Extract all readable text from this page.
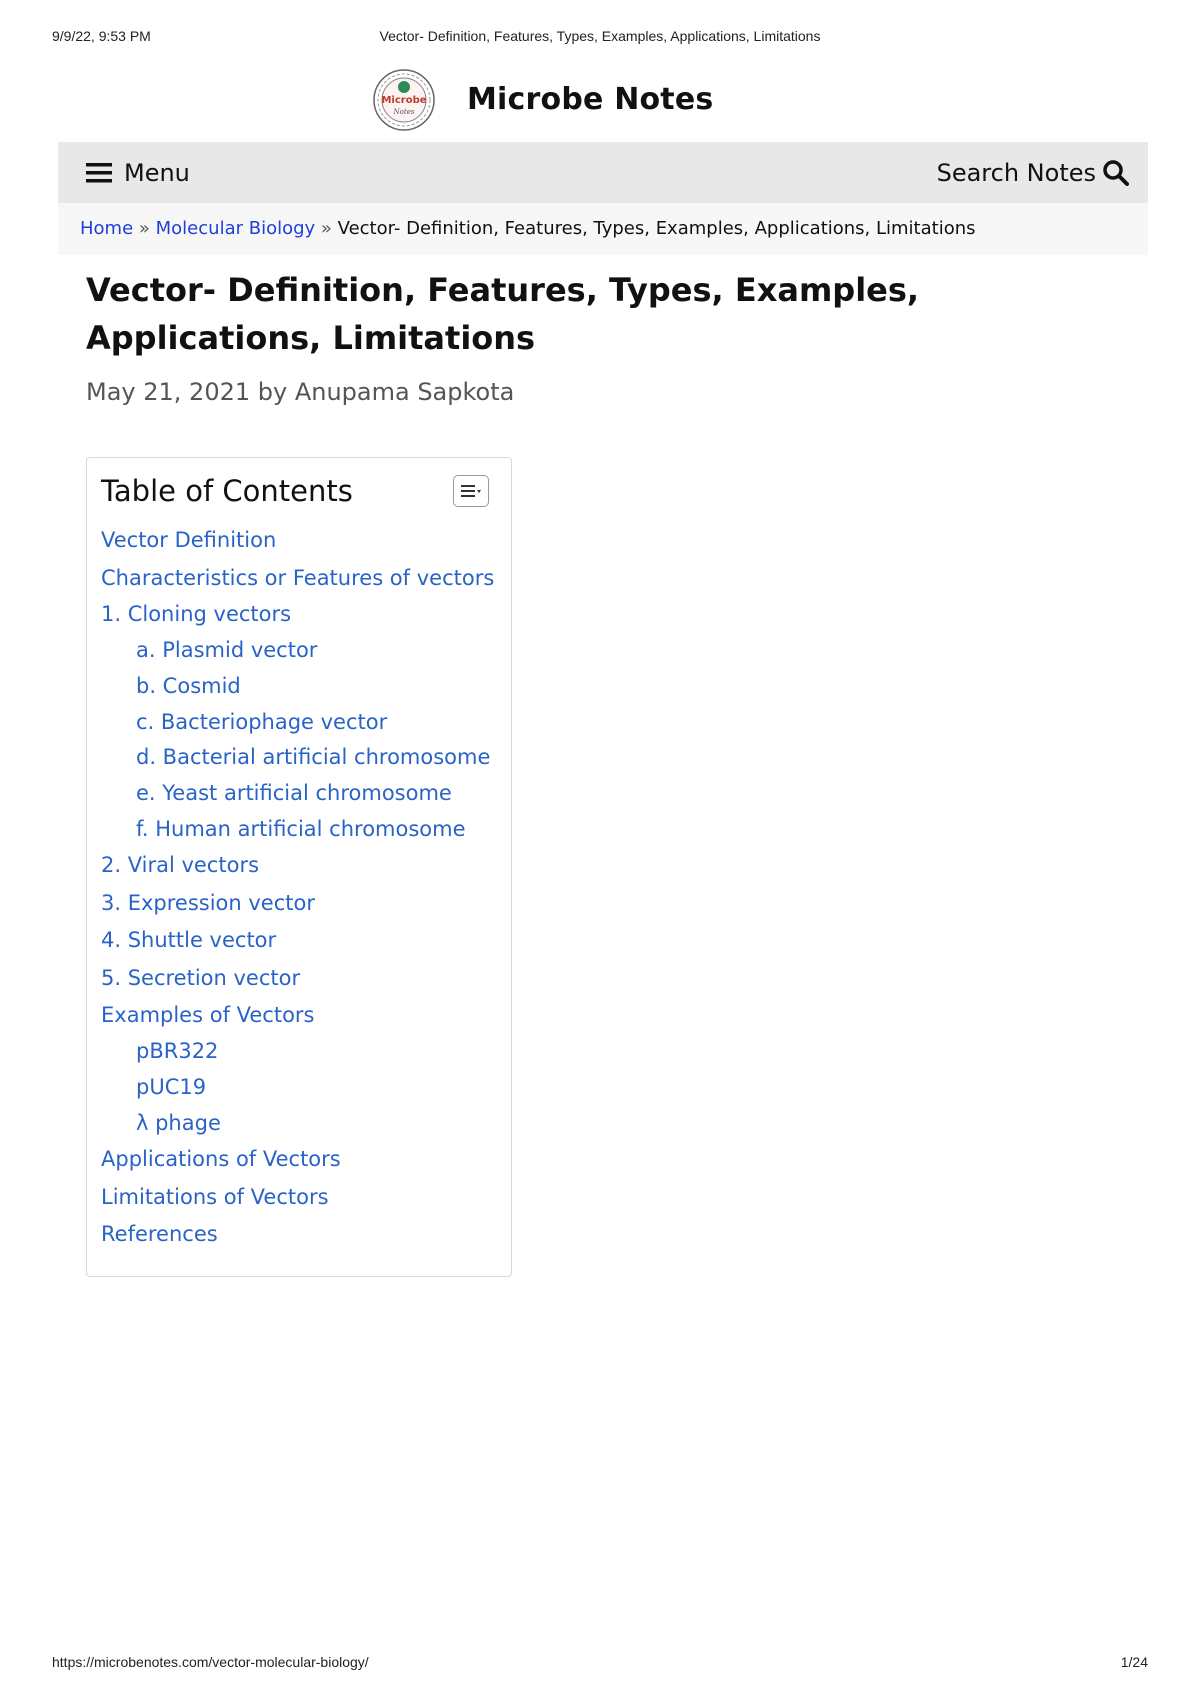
9/9/22, 9:53 PM	Vector- Definition, Features, Types, Examples, Applications, Limitations
Microbe
Notes Microbe Notes
Menu	Search Notes
Home » Molecular Biology » Vector- Definition, Features, Types, Examples, Applications, Limitations
Vector- Definition, Features, Types, Examples, Applications, Limitations
May 21, 2021 by Anupama Sapkota
Table of Contents
Vector Definition
Characteristics or Features of vectors
1. Cloning vectors
a. Plasmid vector
b. Cosmid
c. Bacteriophage vector
d. Bacterial artificial chromosome
e. Yeast artificial chromosome
f. Human artificial chromosome
2. Viral vectors
3. Expression vector
4. Shuttle vector
5. Secretion vector
Examples of Vectors
pBR322
pUC19
λ phage
Applications of Vectors
Limitations of Vectors
References
https://microbenotes.com/vector-molecular-biology/	1/24
